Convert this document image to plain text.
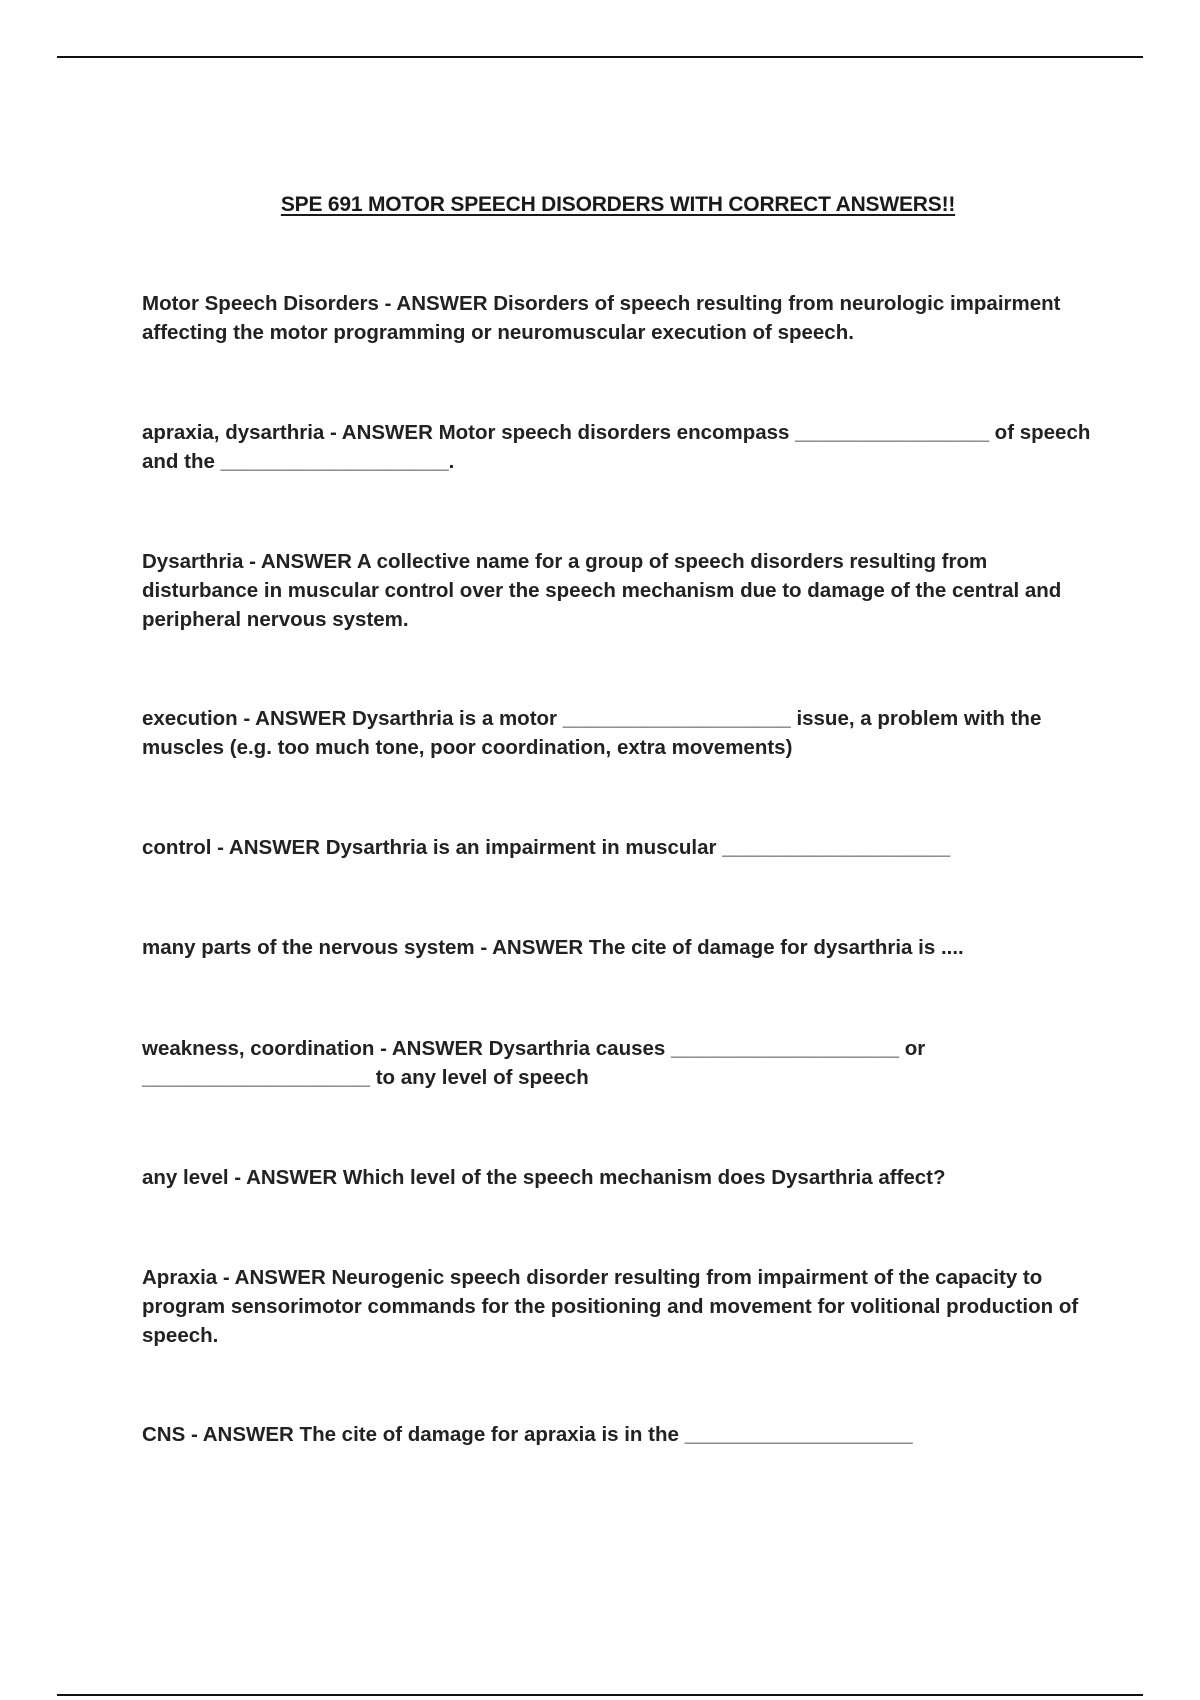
SPE 691 MOTOR SPEECH DISORDERS WITH CORRECT ANSWERS!!

Motor Speech Disorders - ANSWER Disorders of speech resulting from neurologic impairment affecting the motor programming or neuromuscular execution of speech.

apraxia, dysarthria - ANSWER Motor speech disorders encompass _________________ of speech and the ____________________.

Dysarthria - ANSWER A collective name for a group of speech disorders resulting from disturbance in muscular control over the speech mechanism due to damage of the central and peripheral nervous system.

execution - ANSWER Dysarthria is a motor ____________________ issue, a problem with the muscles (e.g. too much tone, poor coordination, extra movements)

control - ANSWER Dysarthria is an impairment in muscular ____________________

many parts of the nervous system - ANSWER The cite of damage for dysarthria is ....

weakness, coordination - ANSWER Dysarthria causes ____________________ or ____________________ to any level of speech

any level - ANSWER Which level of the speech mechanism does Dysarthria affect?

Apraxia - ANSWER Neurogenic speech disorder resulting from impairment of the capacity to program sensorimotor commands for the positioning and movement for volitional production of speech.

CNS - ANSWER The cite of damage for apraxia is in the ____________________
